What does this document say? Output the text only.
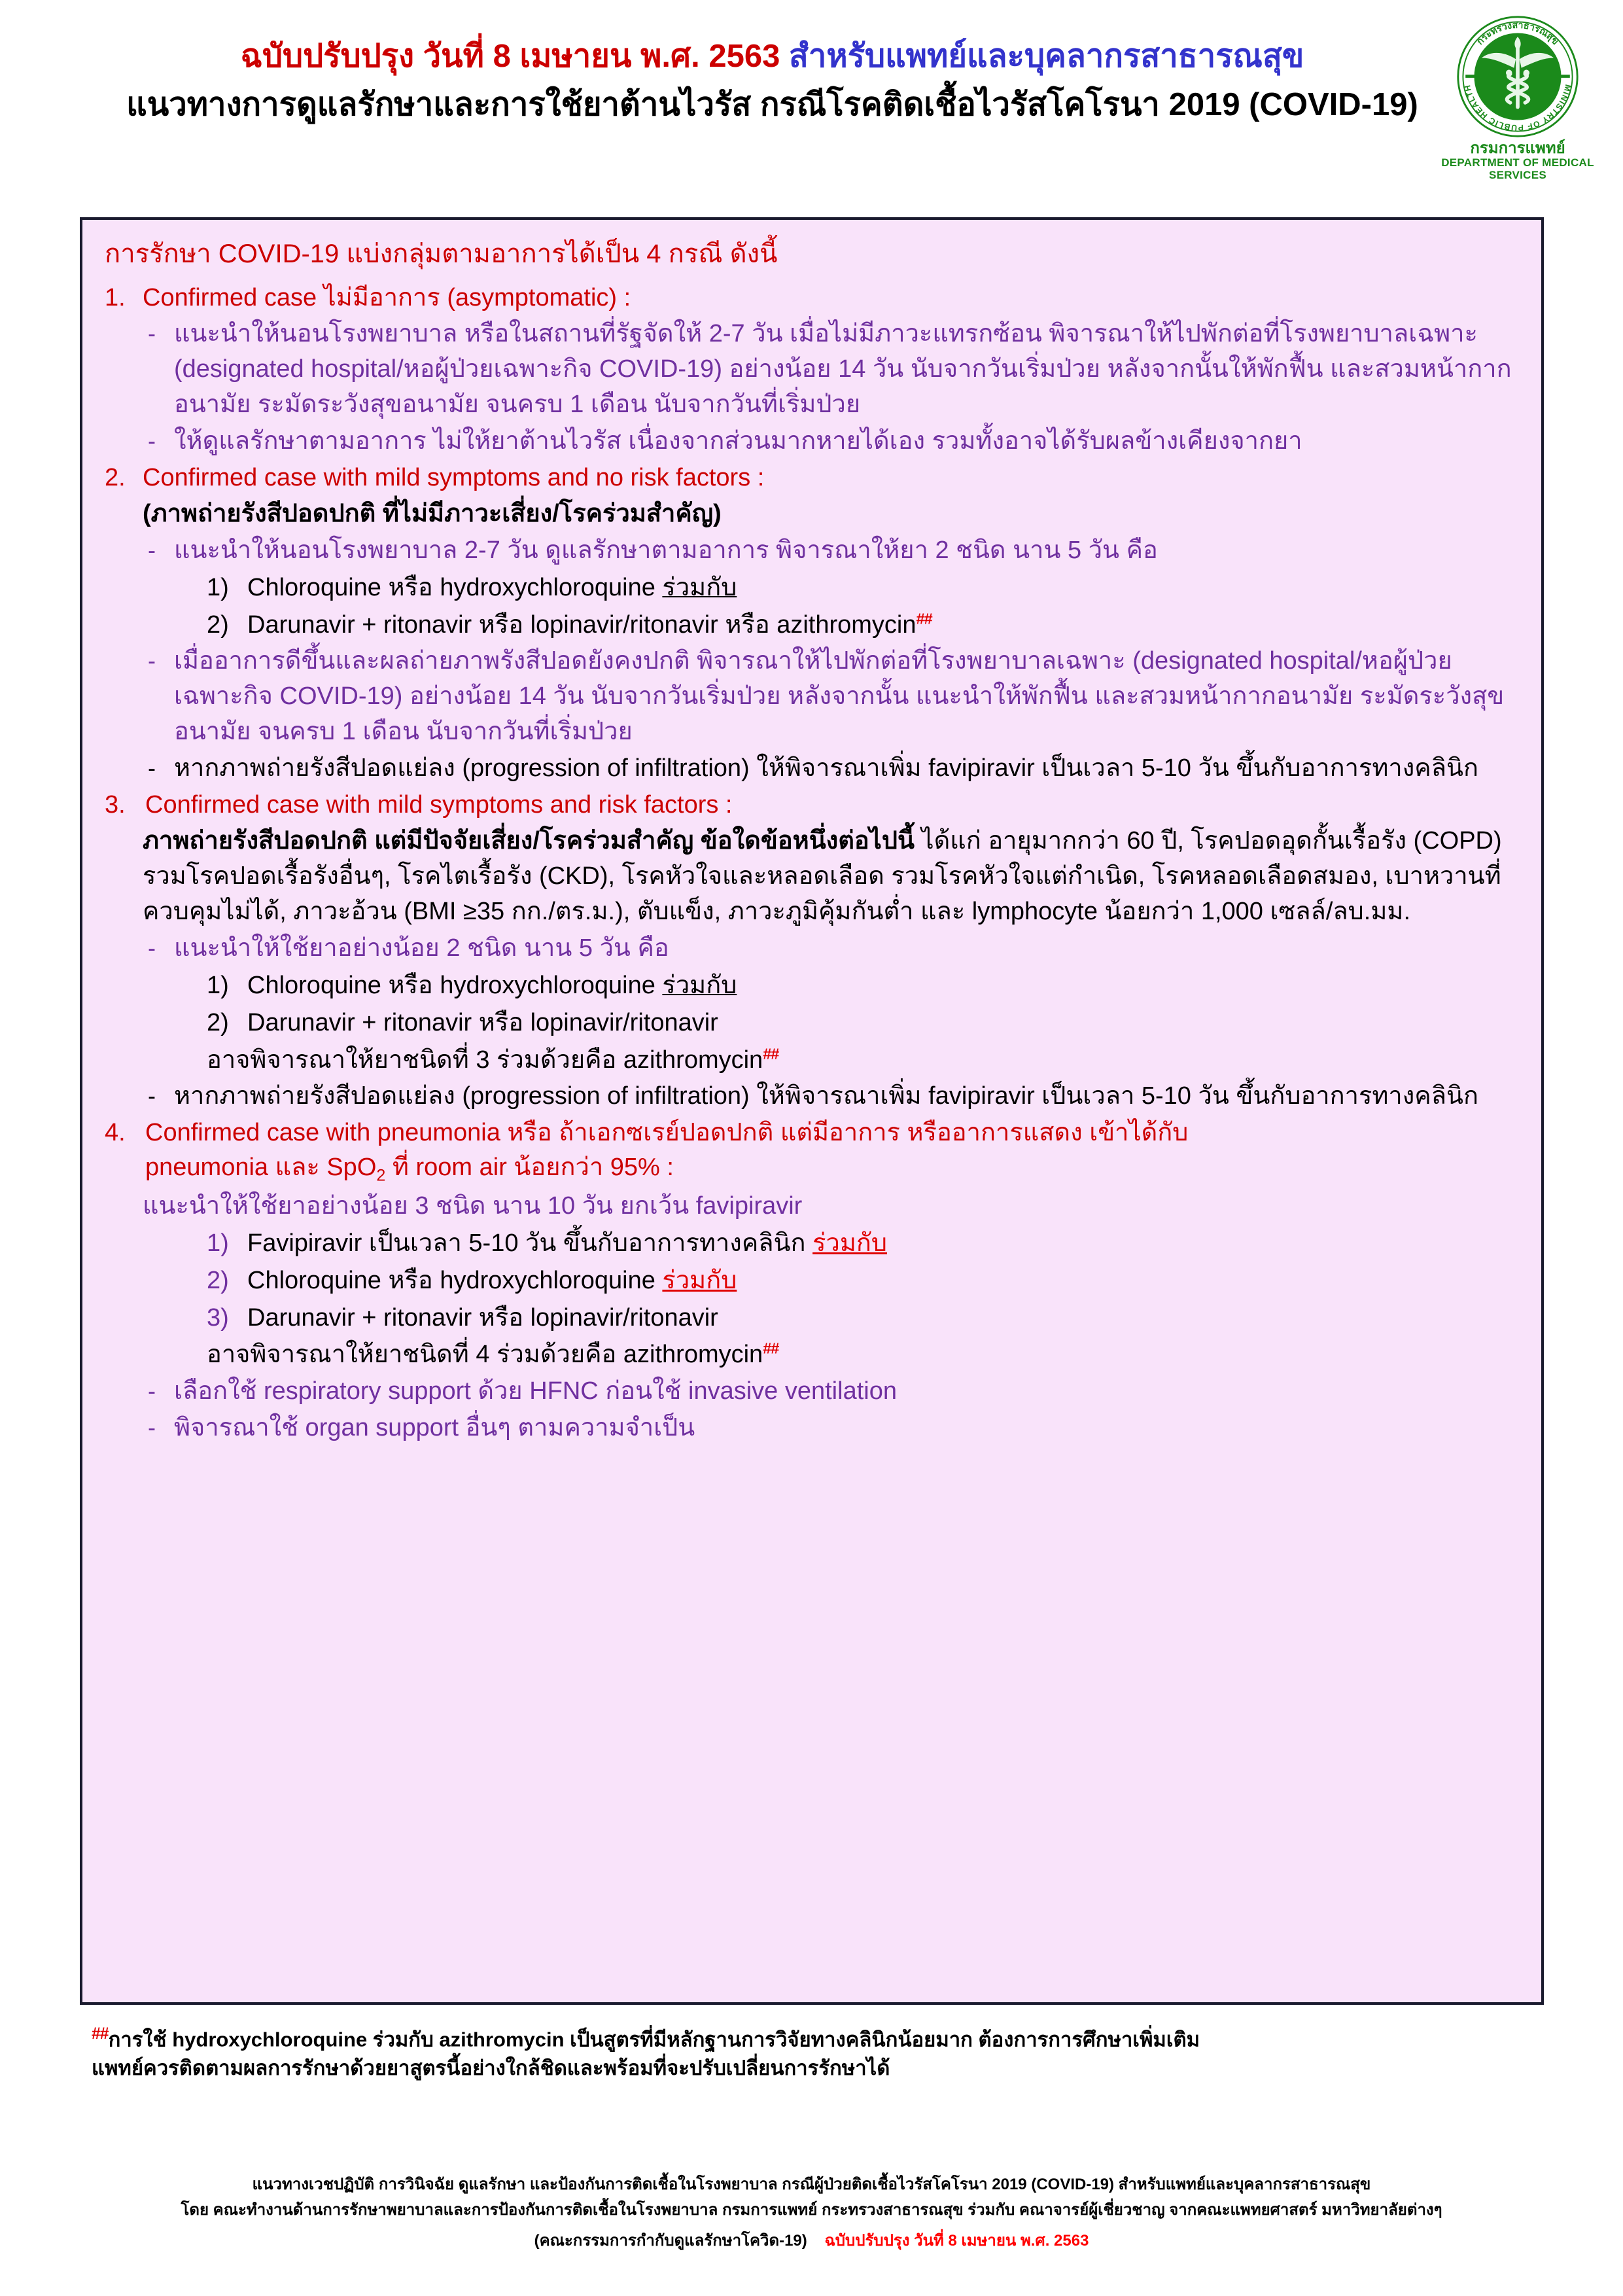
ฉบับปรับปรุง วันที่ 8 เมษายน พ.ศ. 2563 สำหรับแพทย์และบุคลากรสาธารณสุข
แนวทางการดูแลรักษาและการใช้ยาต้านไวรัส กรณีโรคติดเชื้อไวรัสโคโรนา 2019 (COVID-19)
กระทรวงสาธารณสุข
MINISTRY OF PUBLIC HEALTH
กรมการแพทย์
DEPARTMENT OF MEDICAL SERVICES
การรักษา COVID-19 แบ่งกลุ่มตามอาการได้เป็น 4 กรณี ดังนี้
1. Confirmed case ไม่มีอาการ (asymptomatic) :
- แนะนำให้นอนโรงพยาบาล หรือในสถานที่รัฐจัดให้ 2-7 วัน เมื่อไม่มีภาวะแทรกซ้อน พิจารณาให้ไปพักต่อที่โรงพยาบาลเฉพาะ (designated hospital/หอผู้ป่วยเฉพาะกิจ COVID-19) อย่างน้อย 14 วัน นับจากวันเริ่มป่วย หลังจากนั้นให้พักฟื้น และสวมหน้ากากอนามัย ระมัดระวังสุขอนามัย จนครบ 1 เดือน นับจากวันที่เริ่มป่วย
- ให้ดูแลรักษาตามอาการ ไม่ให้ยาต้านไวรัส เนื่องจากส่วนมากหายได้เอง รวมทั้งอาจได้รับผลข้างเคียงจากยา
2. Confirmed case with mild symptoms and no risk factors :
(ภาพถ่ายรังสีปอดปกติ ที่ไม่มีภาวะเสี่ยง/โรคร่วมสำคัญ)
- แนะนำให้นอนโรงพยาบาล 2-7 วัน ดูแลรักษาตามอาการ พิจารณาให้ยา 2 ชนิด นาน 5 วัน คือ
1) Chloroquine หรือ hydroxychloroquine ร่วมกับ
2) Darunavir + ritonavir หรือ lopinavir/ritonavir หรือ azithromycin##
- เมื่ออาการดีขึ้นและผลถ่ายภาพรังสีปอดยังคงปกติ พิจารณาให้ไปพักต่อที่โรงพยาบาลเฉพาะ (designated hospital/หอผู้ป่วยเฉพาะกิจ COVID-19) อย่างน้อย 14 วัน นับจากวันเริ่มป่วย หลังจากนั้น แนะนำให้พักฟื้น และสวมหน้ากากอนามัย ระมัดระวังสุขอนามัย จนครบ 1 เดือน นับจากวันที่เริ่มป่วย
- หากภาพถ่ายรังสีปอดแย่ลง (progression of infiltration) ให้พิจารณาเพิ่ม favipiravir เป็นเวลา 5-10 วัน ขึ้นกับอาการทางคลินิก
3. Confirmed case with mild symptoms and risk factors :
ภาพถ่ายรังสีปอดปกติ แต่มีปัจจัยเสี่ยง/โรคร่วมสำคัญ ข้อใดข้อหนึ่งต่อไปนี้ ได้แก่ อายุมากกว่า 60 ปี, โรคปอดอุดกั้นเรื้อรัง (COPD) รวมโรคปอดเรื้อรังอื่นๆ, โรคไตเรื้อรัง (CKD), โรคหัวใจและหลอดเลือด รวมโรคหัวใจแต่กำเนิด, โรคหลอดเลือดสมอง, เบาหวานที่ควบคุมไม่ได้, ภาวะอ้วน (BMI ≥35 กก./ตร.ม.), ตับแข็ง, ภาวะภูมิคุ้มกันต่ำ และ lymphocyte น้อยกว่า 1,000 เซลล์/ลบ.มม.
- แนะนำให้ใช้ยาอย่างน้อย 2 ชนิด นาน 5 วัน คือ
1) Chloroquine หรือ hydroxychloroquine ร่วมกับ
2) Darunavir + ritonavir หรือ lopinavir/ritonavir
อาจพิจารณาให้ยาชนิดที่ 3 ร่วมด้วยคือ azithromycin##
- หากภาพถ่ายรังสีปอดแย่ลง (progression of infiltration) ให้พิจารณาเพิ่ม favipiravir เป็นเวลา 5-10 วัน ขึ้นกับอาการทางคลินิก
4. Confirmed case with pneumonia หรือ ถ้าเอกซเรย์ปอดปกติ แต่มีอาการ หรืออาการแสดง เข้าได้กับ
pneumonia และ SpO$_2$ ที่ room air น้อยกว่า 95% :
แนะนำให้ใช้ยาอย่างน้อย 3 ชนิด นาน 10 วัน ยกเว้น favipiravir
1) Favipiravir เป็นเวลา 5-10 วัน ขึ้นกับอาการทางคลินิก ร่วมกับ
2) Chloroquine หรือ hydroxychloroquine ร่วมกับ
3) Darunavir + ritonavir หรือ lopinavir/ritonavir
อาจพิจารณาให้ยาชนิดที่ 4 ร่วมด้วยคือ azithromycin##
- เลือกใช้ respiratory support ด้วย HFNC ก่อนใช้ invasive ventilation
- พิจารณาใช้ organ support อื่นๆ ตามความจำเป็น
##การใช้ hydroxychloroquine ร่วมกับ azithromycin เป็นสูตรที่มีหลักฐานการวิจัยทางคลินิกน้อยมาก ต้องการการศึกษาเพิ่มเติม
แพทย์ควรติดตามผลการรักษาด้วยยาสูตรนี้อย่างใกล้ชิดและพร้อมที่จะปรับเปลี่ยนการรักษาได้
แนวทางเวชปฏิบัติ การวินิจฉัย ดูแลรักษา และป้องกันการติดเชื้อในโรงพยาบาล กรณีผู้ป่วยติดเชื้อไวรัสโคโรนา 2019 (COVID-19) สำหรับแพทย์และบุคลากรสาธารณสุข
โดย คณะทำงานด้านการรักษาพยาบาลและการป้องกันการติดเชื้อในโรงพยาบาล กรมการแพทย์ กระทรวงสาธารณสุข ร่วมกับ คณาจารย์ผู้เชี่ยวชาญ จากคณะแพทยศาสตร์ มหาวิทยาลัยต่างๆ
(คณะกรรมการกำกับดูแลรักษาโควิด-19) ฉบับปรับปรุง วันที่ 8 เมษายน พ.ศ. 2563
